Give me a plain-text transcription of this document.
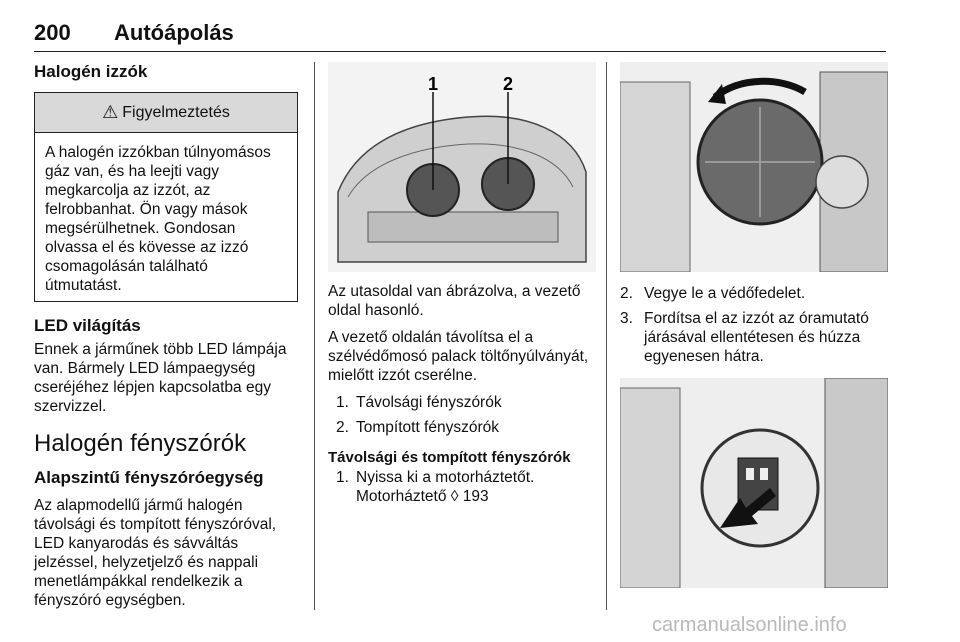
200 Autóápolás
Halogén izzók
⚠ Figyelmeztetés

A halogén izzókban túlnyomásos gáz van, és ha leejti vagy megkarcolja az izzót, az felrobbanhat. Ön vagy mások megsérülhetnek. Gondosan olvassa el és kövesse az izzó csomagolásán található útmutatást.

LED világítás

Ennek a járműnek több LED lámpája van. Bármely LED lámpaegység cseréjéhez lépjen kapcsolatba egy szervizzel.

Halogén fényszórók
Alapszintű fényszóróegység

Az alapmodellű jármű halogén távolsági és tompított fényszóróval, LED kanyarodás és sávváltás jelzéssel, helyzetjelző és nappali menetlámpákkal rendelkezik a fényszóró egységben.

1	2

Az utasoldal van ábrázolva, a vezető oldal hasonló.

A vezető oldalán távolítsa el a szélvédőmosó palack töltőnyúlványát, mielőtt izzót cserélne.

1. Távolsági fényszórók
2. Tompított fényszórók
Távolsági és tompított fényszórók
1. Nyissa ki a motorháztetőt.
Motorháztető ◊ 193
2. Vegye le a védőfedelet.
3. Fordítsa el az izzót az óramutató járásával ellentétesen és húzza egyenesen hátra.
carmanualsonline.info
